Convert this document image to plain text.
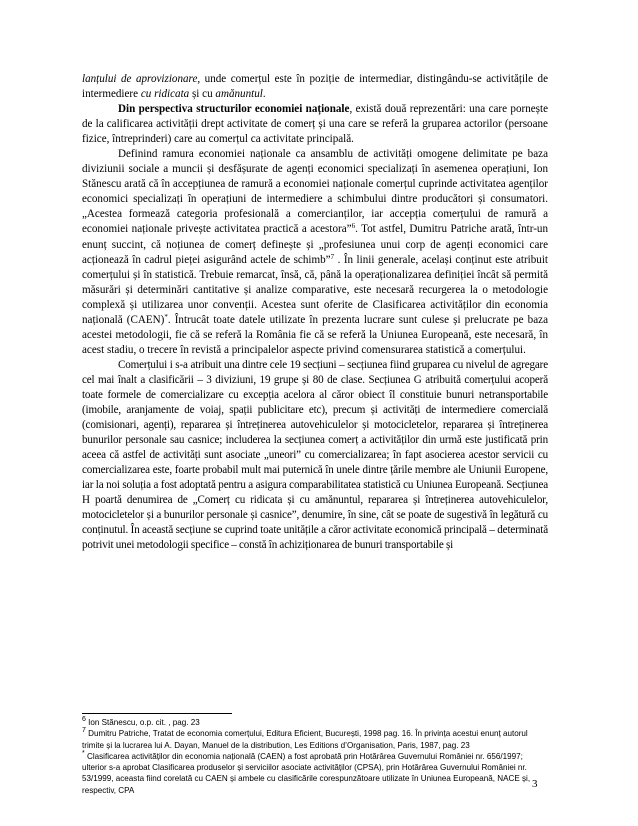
lanțului de aprovizionare, unde comerțul este în poziție de intermediar, distingându-se activitățile de intermediere cu ridicata și cu amănuntul.

Din perspectiva structurilor economiei naționale, există două reprezentări: una care pornește de la calificarea activității drept activitate de comerț și una care se referă la gruparea actorilor (persoane fizice, întreprinderi) care au comerțul ca activitate principală.

Definind ramura economiei naționale ca ansamblu de activități omogene delimitate pe baza diviziunii sociale a muncii și desfășurate de agenți economici specializați în asemenea operațiuni, Ion Stănescu arată că în accepțiunea de ramură a economiei naționale comerțul cuprinde activitatea agenților economici specializați în operațiuni de intermediere a schimbului dintre producători și consumatori. „Acestea formează categoria profesională a comercianților, iar accepția comerțului de ramură a economiei naționale privește activitatea practică a acestora”$^6$. Tot astfel, Dumitru Patriche arată, într-un enunț succint, că noțiunea de comerț definește și „profesiunea unui corp de agenți economici care acționează în cadrul pieței asigurând actele de schimb”$^7$ . În linii generale, același conținut este atribuit comerțului și în statistică. Trebuie remarcat, însă, că, până la operaționalizarea definiției încât să permită măsurări și determinări cantitative și analize comparative, este necesară recurgerea la o metodologie complexă și utilizarea unor convenții. Acestea sunt oferite de Clasificarea activităților din economia națională (CAEN)*. Întrucât toate datele utilizate în prezenta lucrare sunt culese și prelucrate pe baza acestei metodologii, fie că se referă la România fie că se referă la Uniunea Europeană, este necesară, în acest stadiu, o trecere în revistă a principalelor aspecte privind comensurarea statistică a comerțului.

Comerțului i s-a atribuit una dintre cele 19 secțiuni – secțiunea fiind gruparea cu nivelul de agregare cel mai înalt a clasificării – 3 diviziuni, 19 grupe și 80 de clase. Secțiunea G atribuită comerțului acoperă toate formele de comercializare cu excepția acelora al căror obiect îl constituie bunuri netransportabile (imobile, aranjamente de voiaj, spații publicitare etc), precum și activități de intermediere comercială (comisionari, agenți), repararea și întreținerea autovehiculelor și motocicletelor, repararea și întreținerea bunurilor personale sau casnice; includerea la secțiunea comerț a activităților din urmă este justificată prin aceea că astfel de activități sunt asociate „uneori” cu comercializarea; în fapt asocierea acestor servicii cu comercializarea este, foarte probabil mult mai puternică în unele dintre țările membre ale Uniunii Europene, iar la noi soluția a fost adoptată pentru a asigura comparabilitatea statistică cu Uniunea Europeană. Secțiunea H poartă denumirea de „Comerț cu ridicata și cu amănuntul, repararea și întreținerea autovehiculelor, motocicletelor și a bunurilor personale și casnice”, denumire, în sine, cât se poate de sugestivă în legătură cu conținutul. În această secțiune se cuprind toate unitățile a căror activitate economică principală – determinată potrivit unei metodologii specifice – constă în achiziționarea de bunuri transportabile și

$^6$ Ion Stănescu, o.p. cit. , pag. 23

$^7$ Dumitru Patriche, Tratat de economia comerțului, Editura Eficient, București, 1998 pag. 16. În privința acestui enunț autorul trimite și la lucrarea lui A. Dayan, Manuel de la distribution, Les Editions d’Organisation, Paris, 1987, pag. 23

* Clasificarea activităților din economia națională (CAEN) a fost aprobată prin Hotărârea Guvernului României nr. 656/1997; ulterior s-a aprobat Clasificarea produselor și serviciilor asociate activităților (CPSA), prin Hotărârea Guvernului României nr. 53/1999, aceasta fiind corelată cu CAEN și ambele cu clasificările corespunzătoare utilizate în Uniunea Europeană, NACE și, respectiv, CPA

3
